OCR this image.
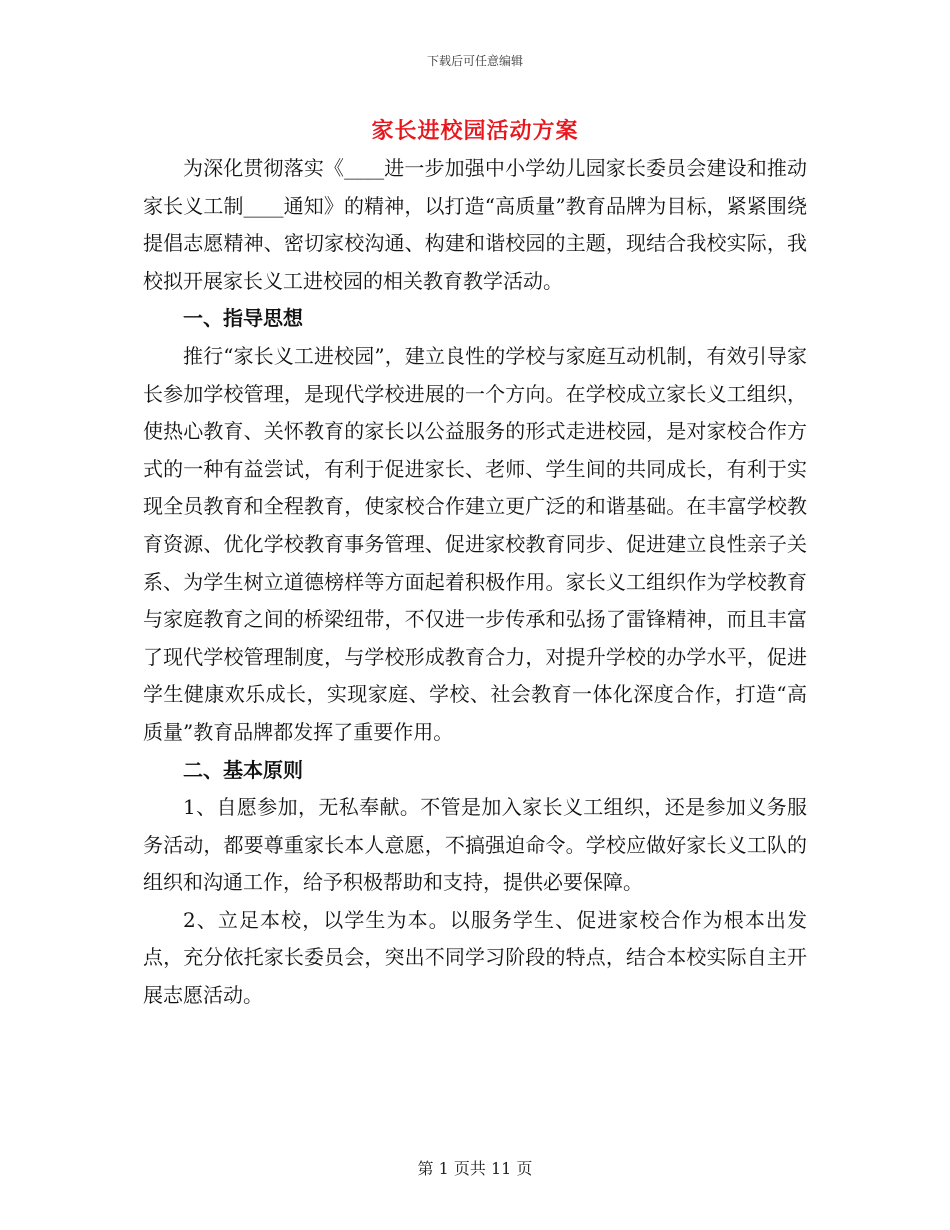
下载后可任意编辑
家长进校园活动方案

为深化贯彻落实《____进一步加强中小学幼儿园家长委员会建设和推动家长义工制____通知》的精神，以打造“高质量”教育品牌为目标，紧紧围绕提倡志愿精神、密切家校沟通、构建和谐校园的主题，现结合我校实际，我校拟开展家长义工进校园的相关教育教学活动。

一、指导思想

推行“家长义工进校园”，建立良性的学校与家庭互动机制，有效引导家长参加学校管理，是现代学校进展的一个方向。在学校成立家长义工组织，使热心教育、关怀教育的家长以公益服务的形式走进校园，是对家校合作方式的一种有益尝试，有利于促进家长、老师、学生间的共同成长，有利于实现全员教育和全程教育，使家校合作建立更广泛的和谐基础。在丰富学校教育资源、优化学校教育事务管理、促进家校教育同步、促进建立良性亲子关系、为学生树立道德榜样等方面起着积极作用。家长义工组织作为学校教育与家庭教育之间的桥梁纽带，不仅进一步传承和弘扬了雷锋精神，而且丰富了现代学校管理制度，与学校形成教育合力，对提升学校的办学水平，促进学生健康欢乐成长，实现家庭、学校、社会教育一体化深度合作，打造“高质量”教育品牌都发挥了重要作用。

二、基本原则

1、自愿参加，无私奉献。不管是加入家长义工组织，还是参加义务服务活动，都要尊重家长本人意愿，不搞强迫命令。学校应做好家长义工队的组织和沟通工作，给予积极帮助和支持，提供必要保障。

2、立足本校，以学生为本。以服务学生、促进家校合作为根本出发点，充分依托家长委员会，突出不同学习阶段的特点，结合本校实际自主开展志愿活动。

第 1 页共 11 页
